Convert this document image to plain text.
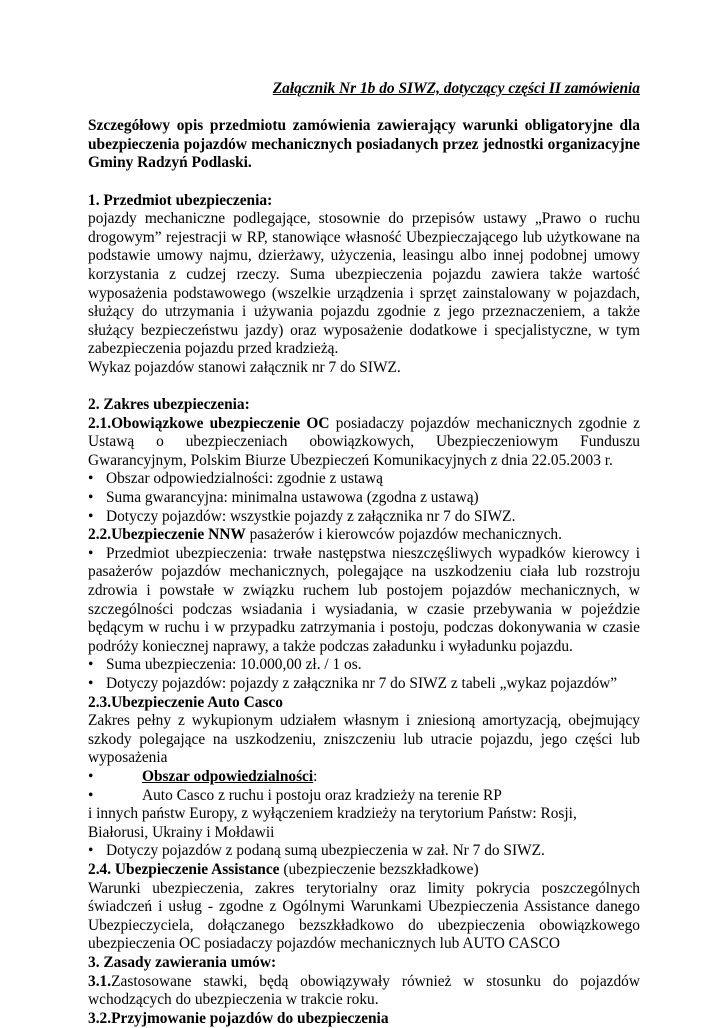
Załącznik Nr 1b do SIWZ, dotyczący części II zamówienia

Szczegółowy opis przedmiotu zamówienia zawierający warunki obligatoryjne dla ubezpieczenia pojazdów mechanicznych posiadanych przez jednostki organizacyjne Gminy Radzyń Podlaski.

1. Przedmiot ubezpieczenia:

pojazdy mechaniczne podlegające, stosownie do przepisów ustawy „Prawo o ruchu drogowym” rejestracji w RP, stanowiące własność Ubezpieczającego lub użytkowane na podstawie umowy najmu, dzierżawy, użyczenia, leasingu albo innej podobnej umowy korzystania z cudzej rzeczy. Suma ubezpieczenia pojazdu zawiera także wartość wyposażenia podstawowego (wszelkie urządzenia i sprzęt zainstalowany w pojazdach, służący do utrzymania i używania pojazdu zgodnie z jego przeznaczeniem, a także służący bezpieczeństwu jazdy) oraz wyposażenie dodatkowe i specjalistyczne, w tym zabezpieczenia pojazdu przed kradzieżą.

Wykaz pojazdów stanowi załącznik nr 7 do SIWZ.

2. Zakres ubezpieczenia:

2.1.Obowiązkowe ubezpieczenie OC posiadaczy pojazdów mechanicznych zgodnie z Ustawą o ubezpieczeniach obowiązkowych, Ubezpieczeniowym Funduszu Gwarancyjnym, Polskim Biurze Ubezpieczeń Komunikacyjnych z dnia 22.05.2003 r.

• Obszar odpowiedzialności: zgodnie z ustawą
• Suma gwarancyjna: minimalna ustawowa (zgodna z ustawą)
• Dotyczy pojazdów: wszystkie pojazdy z załącznika nr 7 do SIWZ.

2.2.Ubezpieczenie NNW pasażerów i kierowców pojazdów mechanicznych.

• Przedmiot ubezpieczenia: trwałe następstwa nieszczęśliwych wypadków kierowcy i pasażerów pojazdów mechanicznych, polegające na uszkodzeniu ciała lub rozstroju zdrowia i powstałe w związku ruchem lub postojem pojazdów mechanicznych, w szczególności podczas wsiadania i wysiadania, w czasie przebywania w pojeździe będącym w ruchu i w przypadku zatrzymania i postoju, podczas dokonywania w czasie podróży koniecznej naprawy, a także podczas załadunku i wyładunku pojazdu.

• Suma ubezpieczenia: 10.000,00 zł. / 1 os.
• Dotyczy pojazdów: pojazdy z załącznika nr 7 do SIWZ z tabeli „wykaz pojazdów”

2.3.Ubezpieczenie Auto Casco

Zakres pełny z wykupionym udziałem własnym i zniesioną amortyzacją, obejmujący szkody polegające na uszkodzeniu, zniszczeniu lub utracie pojazdu, jego części lub wyposażenia

•	Obszar odpowiedzialności:
•	Auto Casco z ruchu i postoju oraz kradzieży na terenie RP

i innych państw Europy, z wyłączeniem kradzieży na terytorium Państw: Rosji, Białorusi, Ukrainy i Mołdawii

• Dotyczy pojazdów z podaną sumą ubezpieczenia w zał. Nr 7 do SIWZ.

2.4. Ubezpieczenie Assistance (ubezpieczenie bezszkładkowe)

Warunki ubezpieczenia, zakres terytorialny oraz limity pokrycia poszczególnych świadczeń i usług - zgodne z Ogólnymi Warunkami Ubezpieczenia Assistance danego Ubezpieczyciela, dołączanego bezszkładkowo do ubezpieczenia obowiązkowego ubezpieczenia OC posiadaczy pojazdów mechanicznych lub AUTO CASCO

3. Zasady zawierania umów:

3.1.Zastosowane stawki, będą obowiązywały również w stosunku do pojazdów wchodzących do ubezpieczenia w trakcie roku.

3.2.Przyjmowanie pojazdów do ubezpieczenia
